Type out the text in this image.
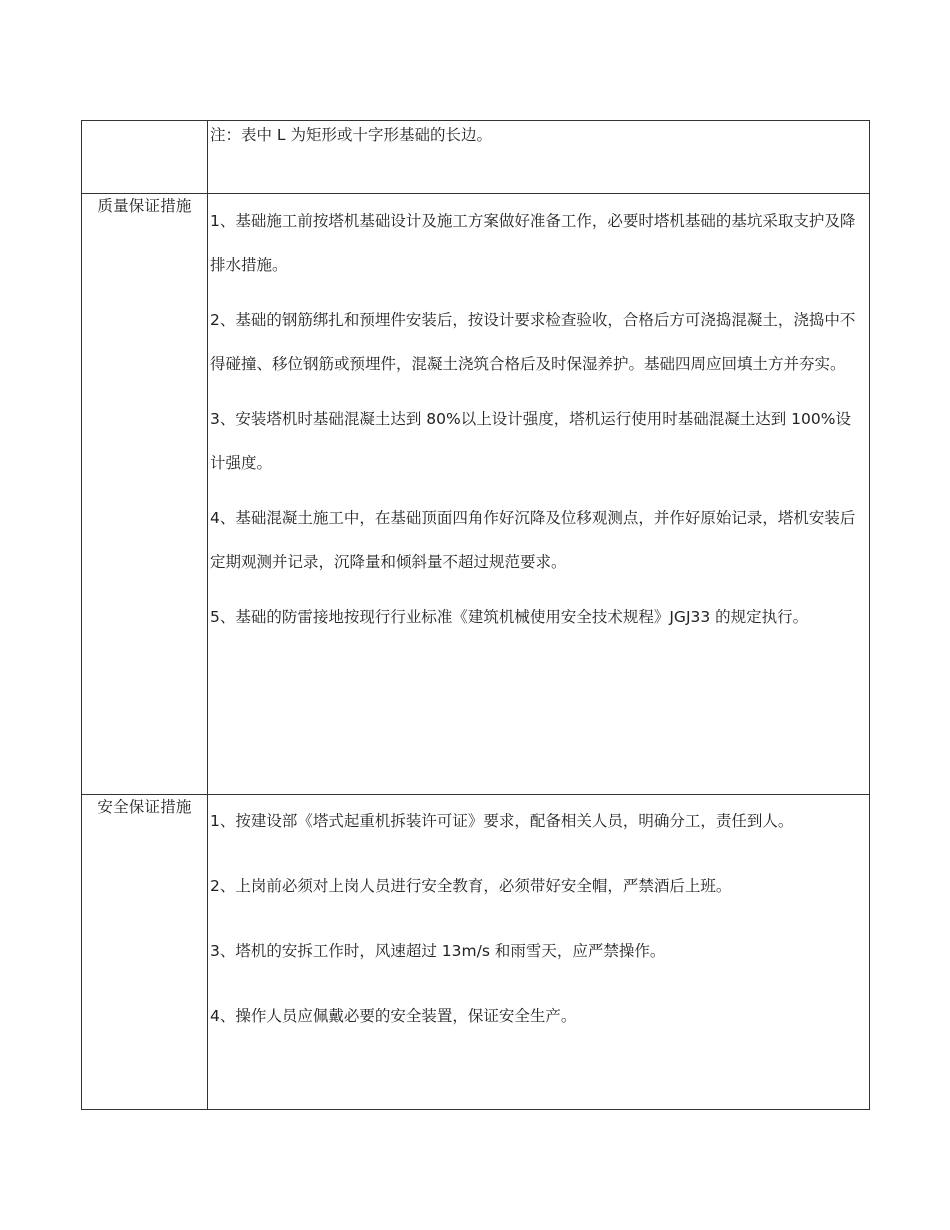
	注：表中 L 为矩形或十字形基础的长边。

质量保证措施	1、基础施工前按塔机基础设计及施工方案做好准备工作，必要时塔机基础的基坑采取支护及降排水措施。
2、基础的钢筋绑扎和预埋件安装后，按设计要求检查验收，合格后方可浇捣混凝土，浇捣中不得碰撞、移位钢筋或预埋件，混凝土浇筑合格后及时保湿养护。基础四周应回填土方并夯实。
3、安装塔机时基础混凝土达到 80%以上设计强度，塔机运行使用时基础混凝土达到 100%设计强度。
4、基础混凝土施工中，在基础顶面四角作好沉降及位移观测点，并作好原始记录，塔机安装后定期观测并记录，沉降量和倾斜量不超过规范要求。
5、基础的防雷接地按现行行业标准《建筑机械使用安全技术规程》JGJ33 的规定执行。

安全保证措施	1、按建设部《塔式起重机拆装许可证》要求，配备相关人员，明确分工，责任到人。
2、上岗前必须对上岗人员进行安全教育，必须带好安全帽，严禁酒后上班。
3、塔机的安拆工作时，风速超过 13m/s 和雨雪天，应严禁操作。
4、操作人员应佩戴必要的安全装置，保证安全生产。
